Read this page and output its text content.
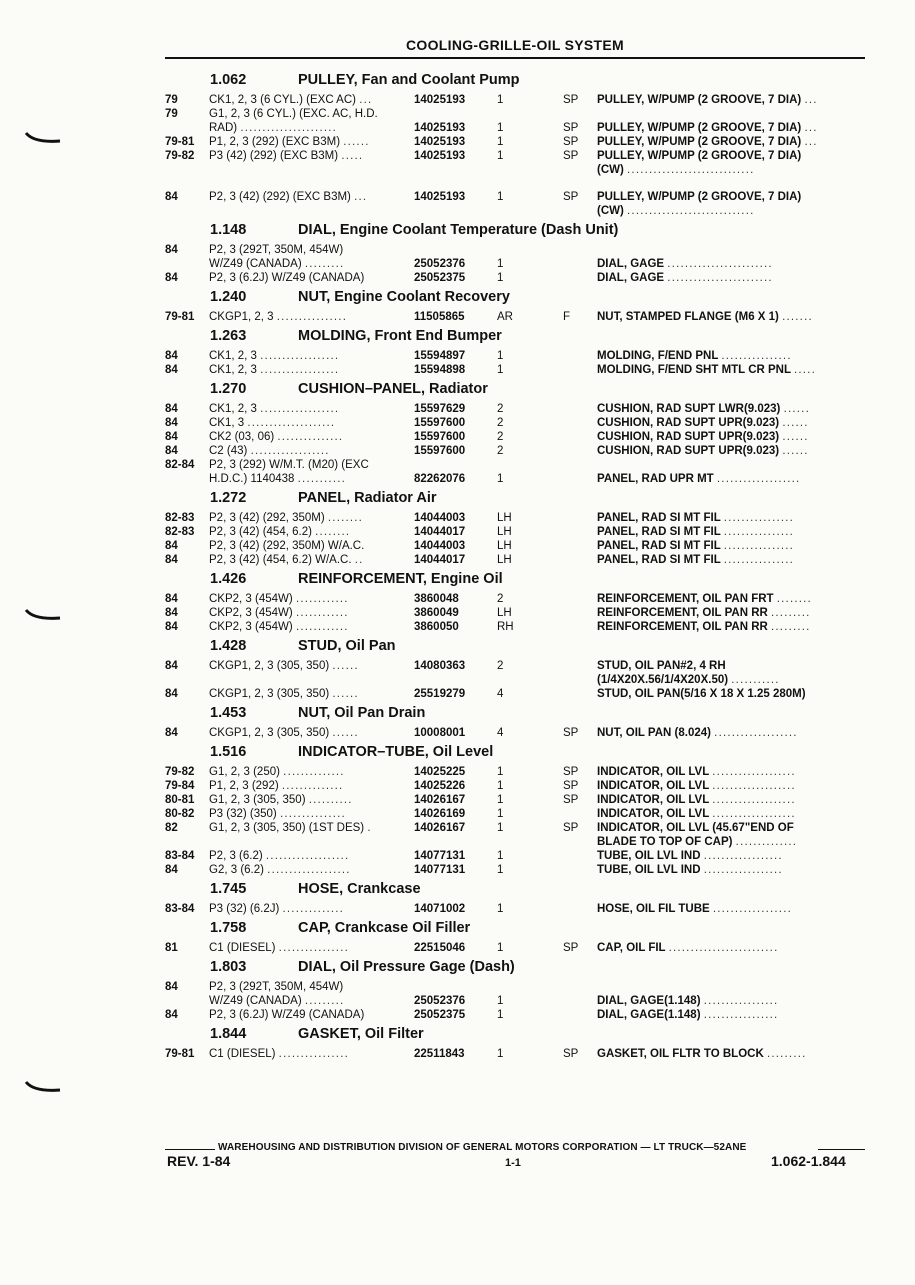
COOLING-GRILLE-OIL SYSTEM
1.062	PULLEY, Fan and Coolant Pump
79	CK1, 2, 3 (6 CYL.) (EXC AC) ...	14025193	1	SP PULLEY, W/PUMP (2 GROOVE, 7 DIA) ...
79	G1, 2, 3 (6 CYL.) (EXC. AC, H.D.
RAD) ......................	14025193	1	SP PULLEY, W/PUMP (2 GROOVE, 7 DIA) ...
79-81	P1, 2, 3 (292) (EXC B3M) ......	14025193	1	SP PULLEY, W/PUMP (2 GROOVE, 7 DIA) ...
79-82	P3 (42) (292) (EXC B3M) .....	14025193	1	SP PULLEY, W/PUMP (2 GROOVE, 7 DIA)
(CW) .............................
84	P2, 3 (42) (292) (EXC B3M) ...	14025193	1	SP PULLEY, W/PUMP (2 GROOVE, 7 DIA)
(CW) .............................
1.148	DIAL, Engine Coolant Temperature (Dash Unit)
84	P2, 3 (292T, 350M, 454W)
W/Z49 (CANADA) .........	25052376	1	DIAL, GAGE ........................
84	P2, 3 (6.2J) W/Z49 (CANADA)	25052375	1	DIAL, GAGE ........................
1.240	NUT, Engine Coolant Recovery
79-81	CKGP1, 2, 3 ................	11505865	AR	F NUT, STAMPED FLANGE (M6 X 1) .......
1.263	MOLDING, Front End Bumper
84	CK1, 2, 3 ..................	15594897	1	MOLDING, F/END PNL ................
84	CK1, 2, 3 ..................	15594898	1	MOLDING, F/END SHT MTL CR PNL .....
1.270	CUSHION–PANEL, Radiator
84	CK1, 2, 3 ..................	15597629	2	CUSHION, RAD SUPT LWR(9.023) ......
84	CK1, 3 ....................	15597600	2	CUSHION, RAD SUPT UPR(9.023) ......
84	CK2 (03, 06) ...............	15597600	2	CUSHION, RAD SUPT UPR(9.023) ......
84	C2 (43) ..................	15597600	2	CUSHION, RAD SUPT UPR(9.023) ......
82-84	P2, 3 (292) W/M.T. (M20) (EXC
H.D.C.) 1140438 ...........	82262076	1	PANEL, RAD UPR MT ...................
1.272	PANEL, Radiator Air
82-83	P2, 3 (42) (292, 350M) ........	14044003	LH	PANEL, RAD SI MT FIL ................
82-83	P2, 3 (42) (454, 6.2) ........	14044017	LH	PANEL, RAD SI MT FIL ................
84	P2, 3 (42) (292, 350M) W/A.C.	14044003	LH	PANEL, RAD SI MT FIL ................
84	P2, 3 (42) (454, 6.2) W/A.C. ..	14044017	LH	PANEL, RAD SI MT FIL ................
1.426	REINFORCEMENT, Engine Oil
84	CKP2, 3 (454W) ............	3860048	2	REINFORCEMENT, OIL PAN FRT ........
84	CKP2, 3 (454W) ............	3860049	LH	REINFORCEMENT, OIL PAN RR .........
84	CKP2, 3 (454W) ............	3860050	RH	REINFORCEMENT, OIL PAN RR .........
1.428	STUD, Oil Pan
84	CKGP1, 2, 3 (305, 350) ......	14080363	2	STUD, OIL PAN#2, 4 RH
(1/4X20X.56/1/4X20X.50) ...........
84	CKGP1, 2, 3 (305, 350) ......	25519279	4	STUD, OIL PAN(5/16 X 18 X 1.25 280M)
1.453	NUT, Oil Pan Drain
84	CKGP1, 2, 3 (305, 350) ......	10008001	4	SP NUT, OIL PAN (8.024) ...................
1.516	INDICATOR–TUBE, Oil Level
79-82	G1, 2, 3 (250) ..............	14025225	1	SP INDICATOR, OIL LVL ...................
79-84	P1, 2, 3 (292) ..............	14025226	1	SP INDICATOR, OIL LVL ...................
80-81	G1, 2, 3 (305, 350) ..........	14026167	1	SP INDICATOR, OIL LVL ...................
80-82	P3 (32) (350) ...............	14026169	1	INDICATOR, OIL LVL ...................
82	G1, 2, 3 (305, 350) (1ST DES) .	14026167	1	SP INDICATOR, OIL LVL (45.67"END OF
BLADE TO TOP OF CAP) ..............
83-84	P2, 3 (6.2) ...................	14077131	1	TUBE, OIL LVL IND ..................
84	G2, 3 (6.2) ...................	14077131	1	TUBE, OIL LVL IND ..................
1.745	HOSE, Crankcase
83-84	P3 (32) (6.2J) ..............	14071002	1	HOSE, OIL FIL TUBE ..................
1.758	CAP, Crankcase Oil Filler
81	C1 (DIESEL) ................	22515046	1	SP CAP, OIL FIL .........................
1.803	DIAL, Oil Pressure Gage (Dash)
84	P2, 3 (292T, 350M, 454W)
W/Z49 (CANADA) .........	25052376	1	DIAL, GAGE(1.148) .................
84	P2, 3 (6.2J) W/Z49 (CANADA)	25052375	1	DIAL, GAGE(1.148) .................
1.844	GASKET, Oil Filter
79-81	C1 (DIESEL) ................	22511843	1	SP GASKET, OIL FLTR TO BLOCK .........
WAREHOUSING AND DISTRIBUTION DIVISION OF GENERAL MOTORS CORPORATION — LT TRUCK—52ANE
REV. 1-84	1-1	1.062-1.844
